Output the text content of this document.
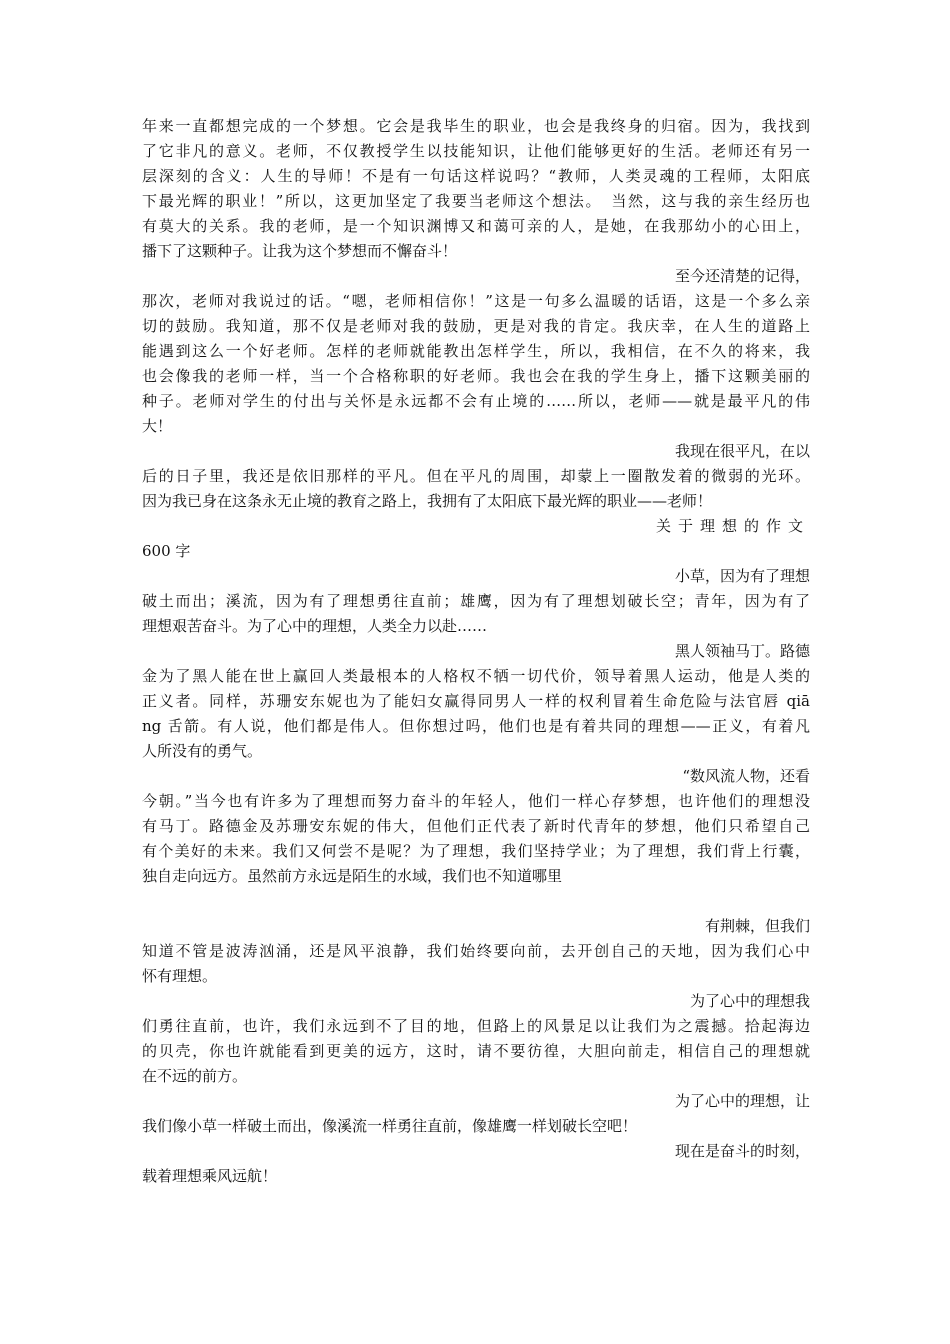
年来一直都想完成的一个梦想。它会是我毕生的职业，也会是我终身的归宿。因为，我找到
了它非凡的意义。老师，不仅教授学生以技能知识，让他们能够更好的生活。老师还有另一
层深刻的含义：人生的导师！不是有一句话这样说吗？“教师，人类灵魂的工程师，太阳底
下最光辉的职业！”所以，这更加坚定了我要当老师这个想法。　当然，这与我的亲生经历也
有莫大的关系。我的老师，是一个知识渊博又和蔼可亲的人，是她，在我那幼小的心田上，
播下了这颗种子。让我为这个梦想而不懈奋斗！
至今还清楚的记得，
那次，老师对我说过的话。“嗯，老师相信你！”这是一句多么温暖的话语，这是一个多么亲
切的鼓励。我知道，那不仅是老师对我的鼓励，更是对我的肯定。我庆幸，在人生的道路上
能遇到这么一个好老师。怎样的老师就能教出怎样学生，所以，我相信，在不久的将来，我
也会像我的老师一样，当一个合格称职的好老师。我也会在我的学生身上，播下这颗美丽的
种子。老师对学生的付出与关怀是永远都不会有止境的……所以，老师——就是最平凡的伟
大！
我现在很平凡，在以
后的日子里，我还是依旧那样的平凡。但在平凡的周围，却蒙上一圈散发着的微弱的光环。
因为我已身在这条永无止境的教育之路上，我拥有了太阳底下最光辉的职业——老师！
关于理想的作文
600 字
小草，因为有了理想
破土而出；溪流，因为有了理想勇往直前；雄鹰，因为有了理想划破长空；青年，因为有了
理想艰苦奋斗。为了心中的理想，人类全力以赴……
黑人领袖马丁。路德
金为了黑人能在世上赢回人类最根本的人格权不牺一切代价，领导着黑人运动，他是人类的
正义者。同样，苏珊安东妮也为了能妇女赢得同男人一样的权利冒着生命危险与法官唇 qiā
ng 舌箭。有人说，他们都是伟人。但你想过吗，他们也是有着共同的理想——正义，有着凡
人所没有的勇气。
“数风流人物，还看
今朝。”当今也有许多为了理想而努力奋斗的年轻人，他们一样心存梦想，也许他们的理想没
有马丁。路德金及苏珊安东妮的伟大，但他们正代表了新时代青年的梦想，他们只希望自己
有个美好的未来。我们又何尝不是呢？为了理想，我们坚持学业；为了理想，我们背上行囊，
独自走向远方。虽然前方永远是陌生的水域，我们也不知道哪里
有荆棘，但我们
知道不管是波涛汹涌，还是风平浪静，我们始终要向前，去开创自己的天地，因为我们心中
怀有理想。
为了心中的理想我
们勇往直前，也许，我们永远到不了目的地，但路上的风景足以让我们为之震撼。拾起海边
的贝壳，你也许就能看到更美的远方，这时，请不要彷徨，大胆向前走，相信自己的理想就
在不远的前方。
为了心中的理想，让
我们像小草一样破土而出，像溪流一样勇往直前，像雄鹰一样划破长空吧！
现在是奋斗的时刻，
载着理想乘风远航！
